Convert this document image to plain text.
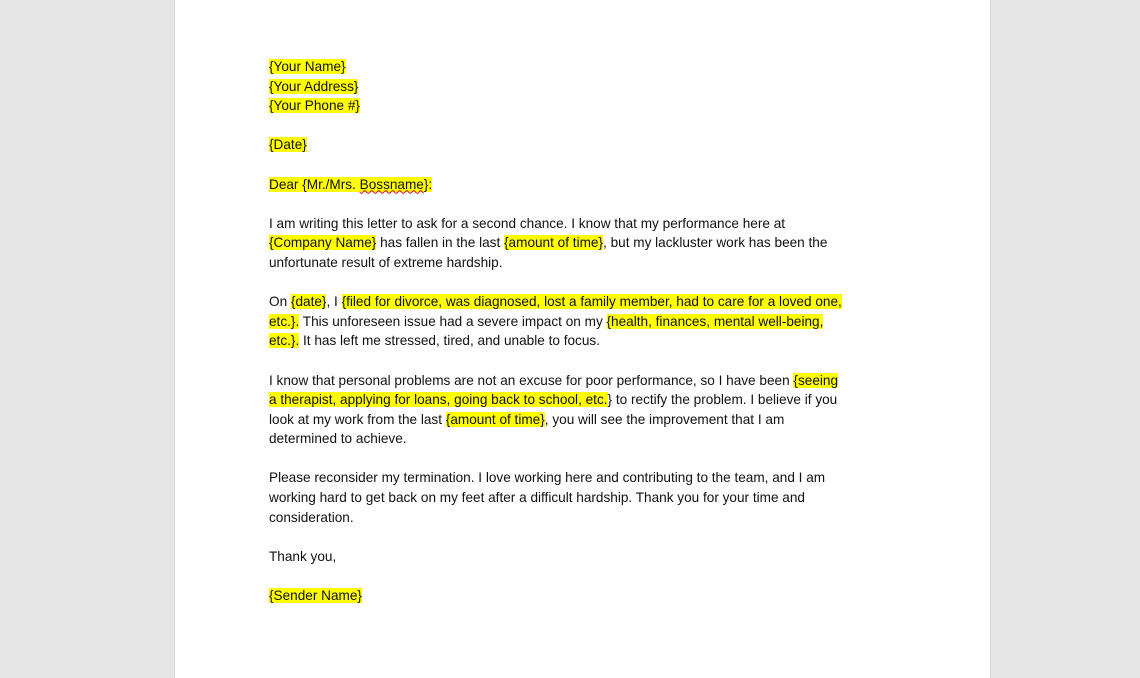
{Your Name}
{Your Address}
{Your Phone #}
{Date}
Dear {Mr./Mrs. Bossname}:
I am writing this letter to ask for a second chance. I know that my performance here at
{Company Name} has fallen in the last {amount of time}, but my lackluster work has been the
unfortunate result of extreme hardship.
On {date}, I {filed for divorce, was diagnosed, lost a family member, had to care for a loved one,
etc.}. This unforeseen issue had a severe impact on my {health, finances, mental well-being,
etc.}. It has left me stressed, tired, and unable to focus.
I know that personal problems are not an excuse for poor performance, so I have been {seeing
a therapist, applying for loans, going back to school, etc.} to rectify the problem. I believe if you
look at my work from the last {amount of time}, you will see the improvement that I am
determined to achieve.
Please reconsider my termination. I love working here and contributing to the team, and I am
working hard to get back on my feet after a difficult hardship. Thank you for your time and
consideration.
Thank you,
{Sender Name}
